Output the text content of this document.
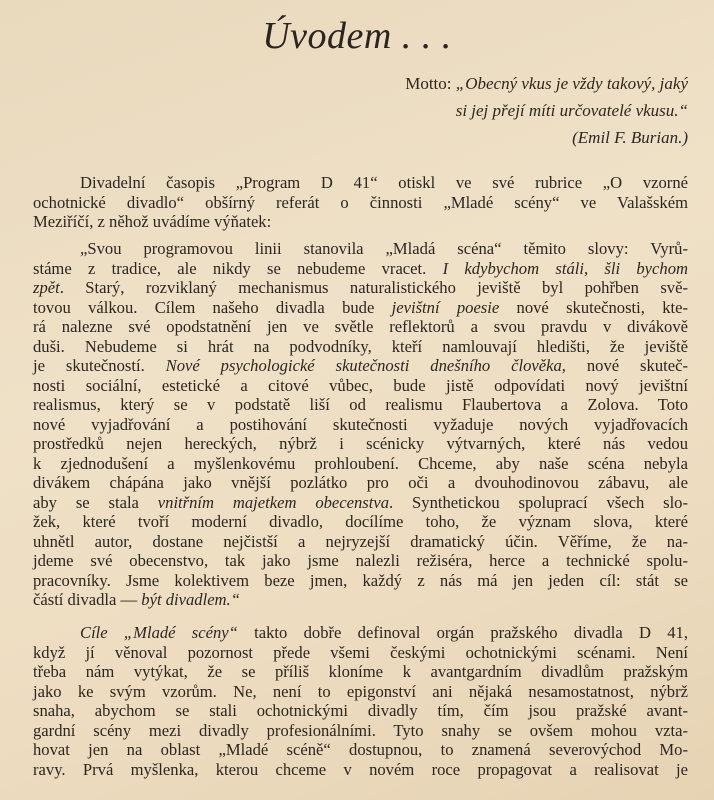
Úvodem . . .
Motto: „Obecný vkus je vždy takový, jaký
si jej přejí míti určovatelé vkusu.“
(Emil F. Burian.)
Divadelní časopis „Program D 41“ otiskl ve své rubrice „O vzorné
ochotnické divadlo“ obšírný referát o činnosti „Mladé scény“ ve Valašském
Meziříčí, z něhož uvádíme výňatek:
„Svou programovou linii stanovila „Mladá scéna“ těmito slovy: Vyrů-
stáme z tradice, ale nikdy se nebudeme vracet. I kdybychom stáli, šli bychom
zpět. Starý, rozviklaný mechanismus naturalistického jeviště byl pohřben svě-
tovou válkou. Cílem našeho divadla bude jevištní poesie nové skutečnosti, kte-
rá nalezne své opodstatnění jen ve světle reflektorů a svou pravdu v divákově
duši. Nebudeme si hrát na podvodníky, kteří namlouvají hledišti, že jeviště
je skutečností. Nové psychologické skutečnosti dnešního člověka, nové skuteč-
nosti sociální, estetické a citové vůbec, bude jistě odpovídati nový jevištní
realismus, který se v podstatě liší od realismu Flaubertova a Zolova. Toto
nové vyjadřování a postihování skutečnosti vyžaduje nových vyjadřovacích
prostředků nejen hereckých, nýbrž i scénicky výtvarných, které nás vedou
k zjednodušení a myšlenkovému prohloubení. Chceme, aby naše scéna nebyla
divákem chápána jako vnější pozlátko pro oči a dvouhodinovou zábavu, ale
aby se stala vnitřním majetkem obecenstva. Synthetickou spoluprací všech slo-
žek, které tvoří moderní divadlo, docílíme toho, že význam slova, které
uhnětl autor, dostane nejčistší a nejryzejší dramatický účin. Věříme, že na-
jdeme své obecenstvo, tak jako jsme nalezli režiséra, herce a technické spolu-
pracovníky. Jsme kolektivem beze jmen, každý z nás má jen jeden cíl: stát se
částí divadla — být divadlem.“
Cíle „Mladé scény“ takto dobře definoval orgán pražského divadla D 41,
když jí věnoval pozornost přede všemi českými ochotnickými scénami. Není
třeba nám vytýkat, že se příliš kloníme k avantgardním divadlům pražským
jako ke svým vzorům. Ne, není to epigonství ani nějaká nesamostatnost, nýbrž
snaha, abychom se stali ochotnickými divadly tím, čím jsou pražské avant-
gardní scény mezi divadly profesionálními. Tyto snahy se ovšem mohou vzta-
hovat jen na oblast „Mladé scéně“ dostupnou, to znamená severovýchod Mo-
ravy. Prvá myšlenka, kterou chceme v novém roce propagovat a realisovat je
